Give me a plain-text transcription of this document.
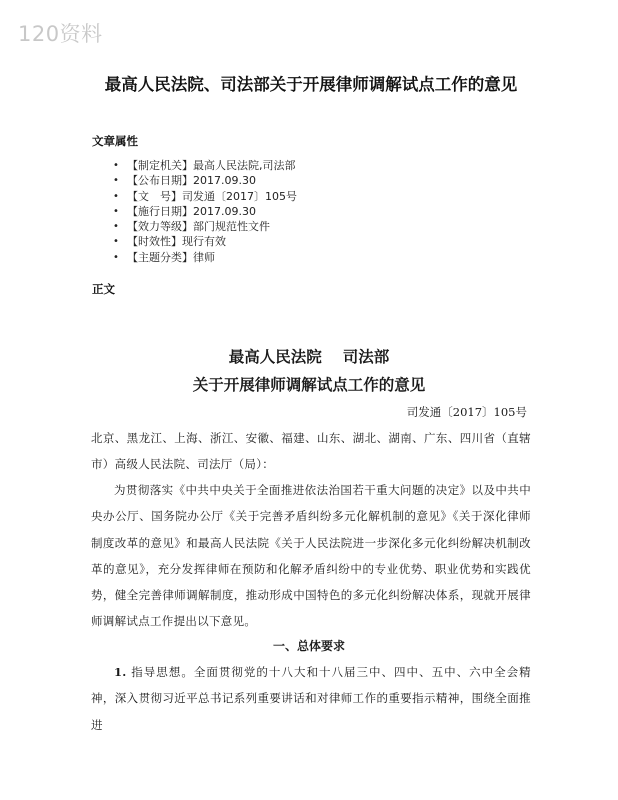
120资料
最高人民法院、司法部关于开展律师调解试点工作的意见
文章属性
• 【制定机关】最高人民法院,司法部
• 【公布日期】2017.09.30
• 【文　号】司发通〔2017〕105号
• 【施行日期】2017.09.30
• 【效力等级】部门规范性文件
• 【时效性】现行有效
• 【主题分类】律师
正文
最高人民法院　 司法部
关于开展律师调解试点工作的意见
司发通〔2017〕105号
北京、黑龙江、上海、浙江、安徽、福建、山东、湖北、湖南、广东、四川省（直辖市）高级人民法院、司法厅（局）：
为贯彻落实《中共中央关于全面推进依法治国若干重大问题的决定》以及中共中央办公厅、国务院办公厅《关于完善矛盾纠纷多元化解机制的意见》《关于深化律师制度改革的意见》和最高人民法院《关于人民法院进一步深化多元化纠纷解决机制改革的意见》，充分发挥律师在预防和化解矛盾纠纷中的专业优势、职业优势和实践优势，健全完善律师调解制度，推动形成中国特色的多元化纠纷解决体系，现就开展律师调解试点工作提出以下意见。
一、总体要求
1. 指导思想。全面贯彻党的十八大和十八届三中、四中、五中、六中全会精神，深入贯彻习近平总书记系列重要讲话和对律师工作的重要指示精神，围绕全面推进
